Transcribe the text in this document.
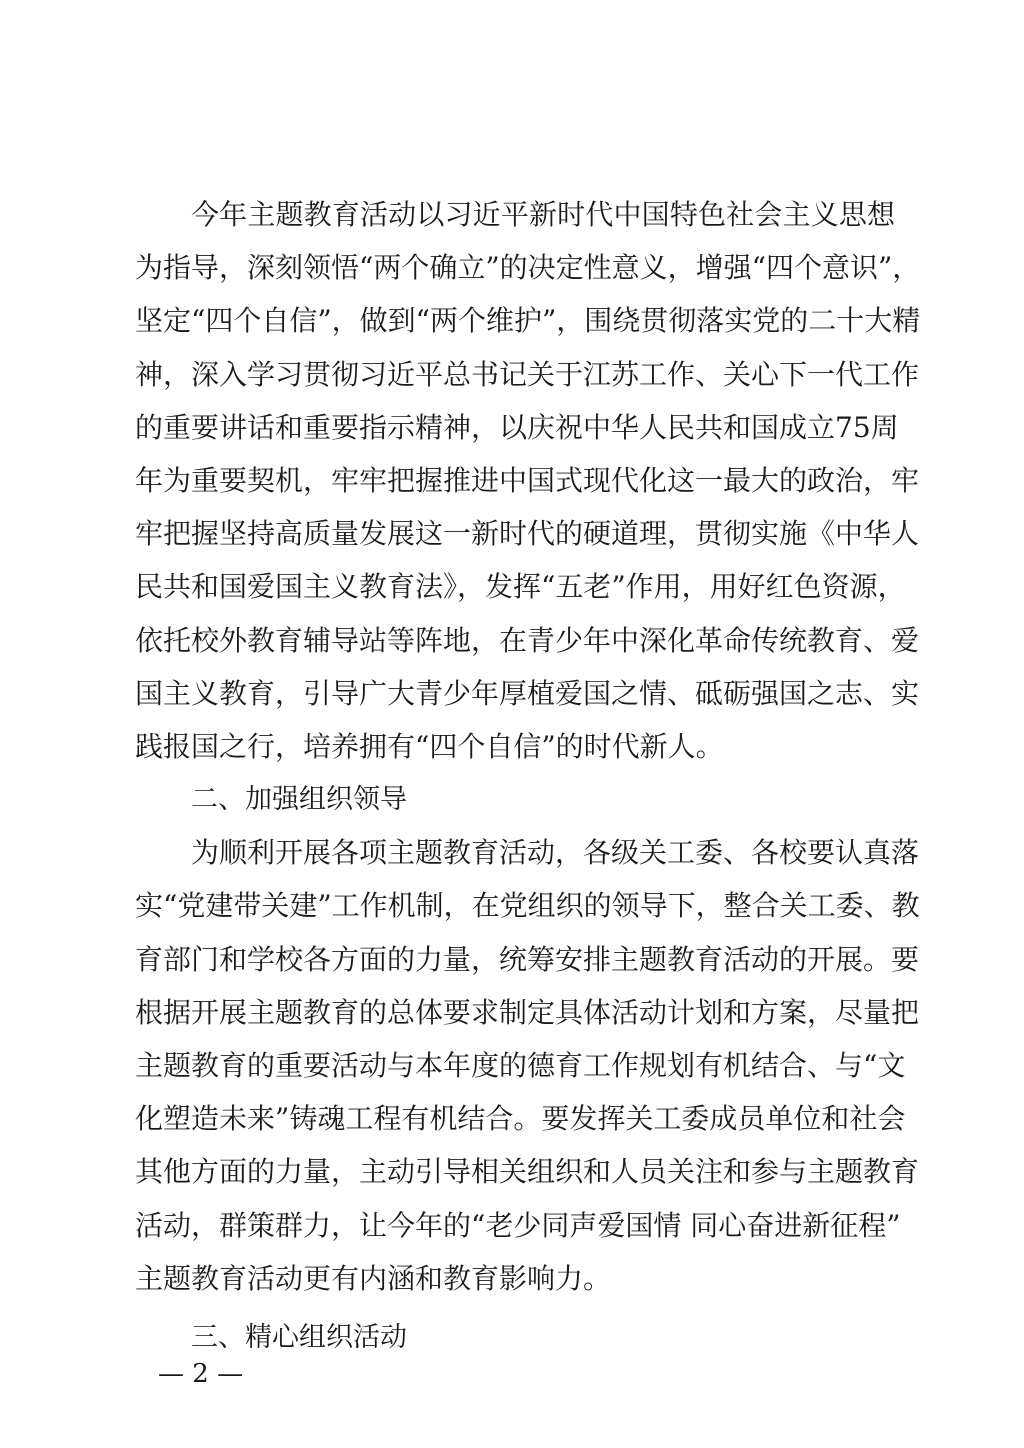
今年主题教育活动以习近平新时代中国特色社会主义思想
为指导，深刻领悟“两个确立”的决定性意义，增强“四个意识”，
坚定“四个自信”，做到“两个维护”，围绕贯彻落实党的二十大精
神，深入学习贯彻习近平总书记关于江苏工作、关心下一代工作
的重要讲话和重要指示精神，以庆祝中华人民共和国成立75周
年为重要契机，牢牢把握推进中国式现代化这一最大的政治，牢
牢把握坚持高质量发展这一新时代的硬道理，贯彻实施《中华人
民共和国爱国主义教育法》，发挥“五老”作用，用好红色资源，
依托校外教育辅导站等阵地，在青少年中深化革命传统教育、爱
国主义教育，引导广大青少年厚植爱国之情、砥砺强国之志、实
践报国之行，培养拥有“四个自信”的时代新人。
二、加强组织领导
为顺利开展各项主题教育活动，各级关工委、各校要认真落
实“党建带关建”工作机制，在党组织的领导下，整合关工委、教
育部门和学校各方面的力量，统筹安排主题教育活动的开展。要
根据开展主题教育的总体要求制定具体活动计划和方案，尽量把
主题教育的重要活动与本年度的德育工作规划有机结合、与“文
化塑造未来”铸魂工程有机结合。要发挥关工委成员单位和社会
其他方面的力量，主动引导相关组织和人员关注和参与主题教育
活动，群策群力，让今年的“老少同声爱国情 同心奋进新征程”
主题教育活动更有内涵和教育影响力。
三、精心组织活动
— 2 —
